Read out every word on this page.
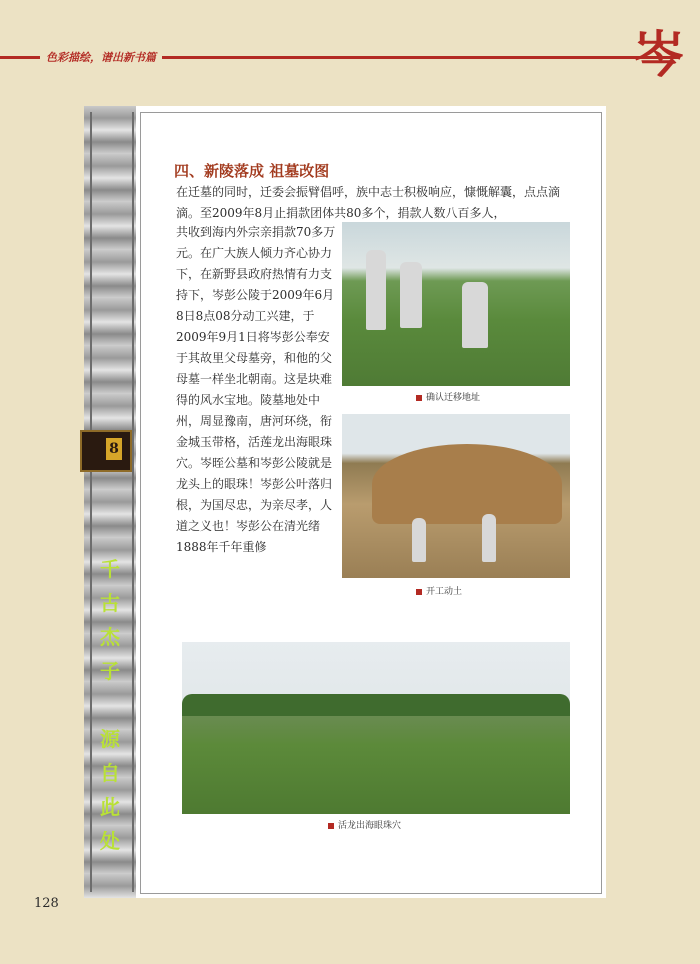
色彩描绘，谱出新书篇	岑
8
千
古
杰
子

源
自
此
处
四、新陵落成 祖墓改图
在迁墓的同时，迁委会振臂倡呼，族中志士积极响应，慷慨解囊，点点滴滴。至2009年8月止捐款团体共80多个，捐款人数八百多人，
共收到海内外宗亲捐款70多万元。在广大族人倾力齐心协力下，在新野县政府热情有力支持下，岑彭公陵于2009年6月8日8点08分动工兴建，于2009年9月1日将岑彭公奉安于其故里父母墓旁，和他的父母墓一样坐北朝南。这是块难得的风水宝地。陵墓地处中州，周显豫南，唐河环绕，衔金城玉带格，活莲龙出海眼珠穴。岑晊公墓和岑彭公陵就是龙头上的眼珠！岑彭公叶落归根，为国尽忠，为亲尽孝，人道之义也！岑彭公在清光绪1888年千年重修
确认迁移地址
开工动土
活龙出海眼珠穴
128
